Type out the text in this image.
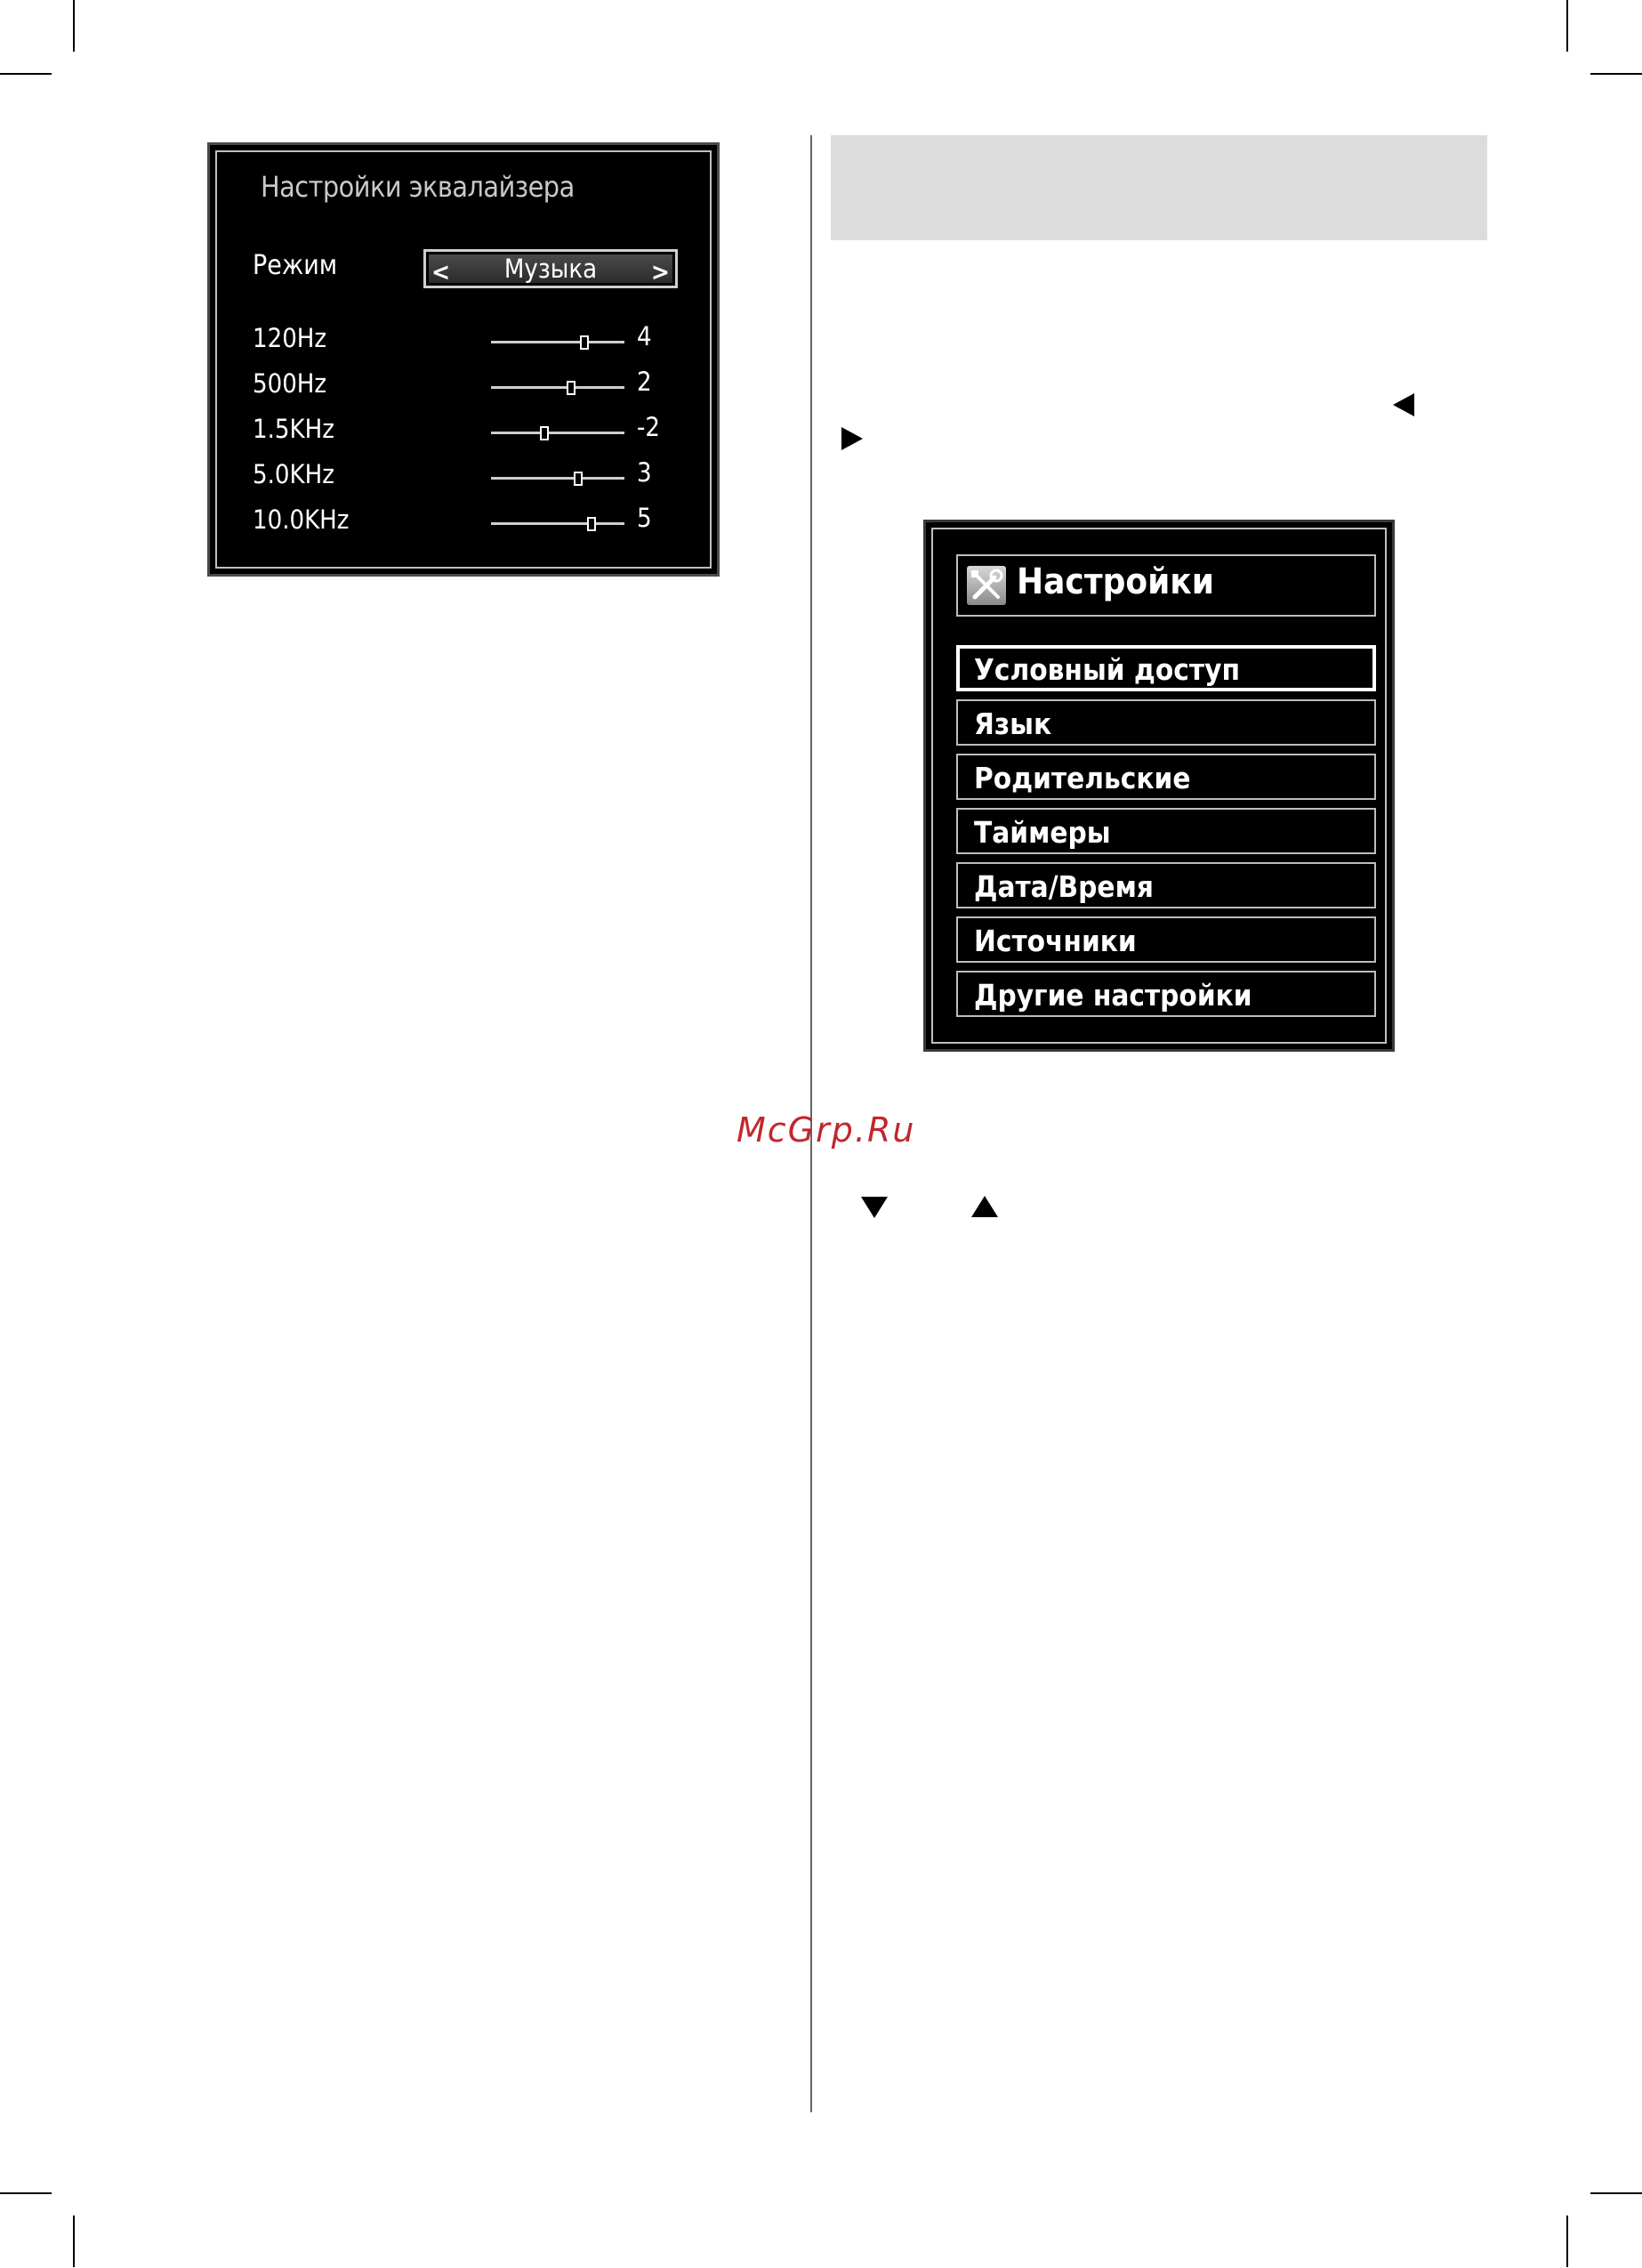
Настройки эквалайзера
Режим	<	Музыка	>
120Hz	4
500Hz	2
1.5KHz	-2
5.0KHz	3
10.0KHz	5
Настройки
Условный доступ
Язык
Родительские
Таймеры
Дата/Время
Источники
Другие настройки
McGrp.Ru
